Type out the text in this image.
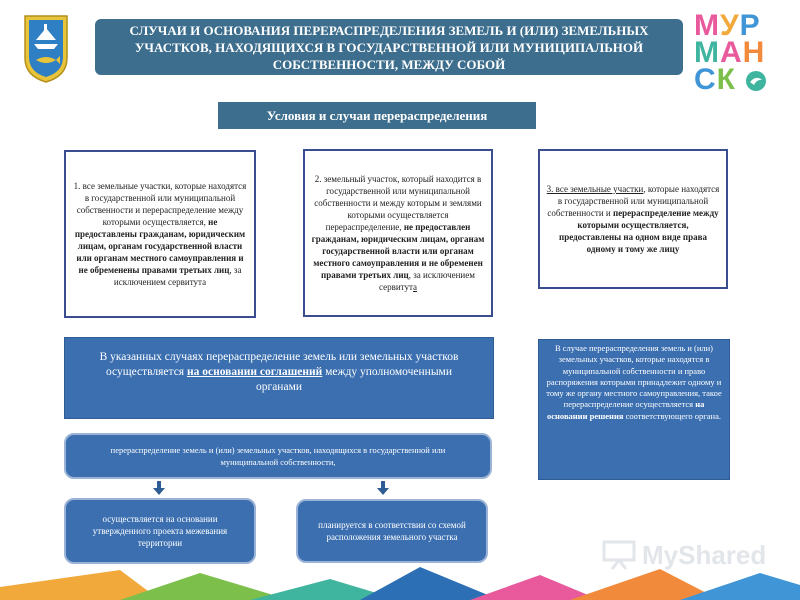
СЛУЧАИ И ОСНОВАНИЯ ПЕРЕРАСПРЕДЕЛЕНИЯ ЗЕМЕЛЬ И (ИЛИ) ЗЕМЕЛЬНЫХ УЧАСТКОВ, НАХОДЯЩИХСЯ В ГОСУДАРСТВЕННОЙ ИЛИ МУНИЦИПАЛЬНОЙ СОБСТВЕННОСТИ, МЕЖДУ СОБОЙ
МУР
МАН
СК
Условия и случаи перераспределения
1. все земельные участки, которые находятся в государственной или муниципальной собственности и перераспределение между которыми осуществляется, не предоставлены гражданам, юридическим лицам, органам государственной власти или органам местного самоуправления и не обременены правами третьих лиц, за исключением сервитута
2. земельный участок, который находится в государственной или муниципальной собственности и между которым и землями которыми осуществляется перераспределение, не предоставлен гражданам, юридическим лицам, органам государственной власти или органам местного самоуправления и не обременен правами третьих лиц, за исключением сервитута
3. все земельные участки, которые находятся в государственной или муниципальной собственности и перераспределение между которыми осуществляется, предоставлены на одном виде права одному и тому же лицу
В указанных случаях перераспределение земель или земельных участков осуществляется на основании соглашений между уполномоченными органами
В случае перераспределения земель и (или) земельных участков, которые находятся в муниципальной собственности и право распоряжения которыми принадлежит одному и тому же органу местного самоуправления, такое перераспределение осуществляется на основании решения соответствующего органа.
перераспределение земель и (или) земельных участков, находящихся в государственной или муниципальной собственности,
осуществляется на основании утвержденного проекта межевания территории
планируется в соответствии со схемой расположения земельного участка
MyShared
